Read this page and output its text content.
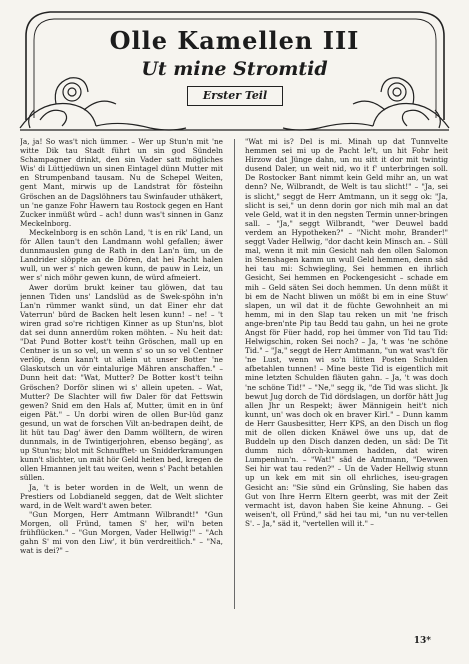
Olle Kamellen III
Ut mine Stromtid
Erster Teil

Ja, ja! So was't nich ümmer. – Wer up Stun'n mit 'ne witte Dik tau Stadt führt un sin god Sündeln Schampagner drinkt, den sin Vader satt mögliches Wis' di Lüttjedüwn un sinen Eintagel dünn Mutter mit en Strumpenband tausam. Nu de Schepel Weiten, gent Mant, mirwis up de Landstrat för fösteihn Gröschen an de Dagslöhners tau Swinfauder uthäkert, un 'ne ganze Fohr Hawern tau Rostock gegen en Hant Zucker inmüßt würd – ach! dunn was't sinnen in Ganz Meckelnborg.

Meckelnborg is en schön Land, 't is en rik' Land, un för Allen taun't den Landmann wohl gefallen; äwer dunnmauslen gung de Rath in den Lan'n üm, un de Landrider slöppte an de Dören, dat hei Pacht halen wull, un wer s' nich gewen kunn, de pauw in Leiz, un wer s' nich möhr gewen kunn, de würd afmeiert.

Awer dorüm brukt keiner tau glöwen, dat tau jennen Tiden uns' Landslüd as de Swek-spöhn in'n Lan'n rümmer wankt sünd, un dat Einer ehr dat Vaterrun' bürd de Backen helt lesen kunn! – ne! – 't wiren grad so're richtigen Kinner as up Stun'ns, blot dat sei dunn annerdüm roken möhten. – Nu heit dat: "Dat Pund Botter kost't teihn Gröschen, mall up en Centner is un so vel, un wenn s' so un so vel Centner verlöp, denn kann't ut allein ut unser Botter 'ne Glaskutsch un vör eintalurige Mähren anschaffen." – Dunn heit dat: "Wat, Mutter? De Botter kost't teihn Gröschen? Dorför slinen wi s' allein upeten. – Wat, Mutter? De Slachter will fiw Daler för dat Fettswin gewen? Snid em den Hals af, Mutter, ümit en in ünf eigen Pät." – Un dorbi wiren de ollen Bur-lüd ganz gesund, un wat de forschen Vilt an-bedrapen deiht, de lit hüt tau Dag' äwer den Damm wölltern, de wiren dunnmals, in de Twintigerjohren, ebenso begäng', as up Stun'ns; blot mit Schnufftet- un Snidderkramungen kunn't slichter, un mät hör Geld heiten bed, kregen de ollen Hmannen jelt tau weiten, wenn s' Pacht betahlen süllen.

Ja, 't is beter worden in de Welt, un wenn de Prestiers od Lobdianeld seggen, dat de Welt slichter ward, in de Welt ward't awen beter.

"Gun Morgen, Herr Amtmann Wilbrandt!" "Gun Morgen, oll Fründ, tamen S' her, wil'n beten frühflücken." – "Gun Morgen, Vader Hellwig!" – "Ach gahn S' mi von den Liw', it bün verdreitlich." – "Na, wat is dei?" –

"Wat mi is? Del is mi. Minah up dat Tunnvelte hemmen sei mi up de Pacht le't, un hit Fohr heit Hirzow dat Jünge dahn, un nu sitt it dor mit twintig dusend Daler, un weit nid, wo it f' unterbringen soll. De Rostocker Bant nimmt kein Geld mihr an, un wat denn? Ne, Wilbrandt, de Welt is tau slicht!" – "Ja, sei is slicht," seggt de Herr Amtmann, un it segg ok: "Ja, slicht is sei," un denn dorin gor nich mih mal an dat vele Geld, wat it in den negsten Termin unner-bringen sall. – "Ja," seggt Wilbrandt, "wer Deuwel badd verdem an Hypotheken?" – "Nicht mohr, Brander!" seggt Vader Hellwig, "dor dacht kein Minsch an. – Süll mal, wenn it mit min Gesicht nah den ollen Salomon in Stenshagen kamm un wull Geld hemmen, denn säd hei tau mi: Schwiegling, Sei hemmen en ihrlich Gesicht, Sei hemmen en Pockengesicht – schade em mih – Geld säten Sei doch hemmen. Un denn müßt it bi em de Nacht bliwen un mößt bi em in eine Stuw' slapen, un wil dat it de füchte Gewohnheit an mi hemm, mi in den Slap tau reken un mit 'ne frisch ange-bren'nte Pip tau Bedd tau gahn, un hei ne grote Angst för Füer hadd, rop hei ümmer von Tid tau Tid: Helwigschin, roken Sei noch? – Ja, 't was 'ne schöne Tid." – "Ja," seggt de Herr Amtmann, "un wat was't för 'ne Lust, wenn wi so'n lütten Posten Schulden afbetahlen tunnen! – Mine beste Tid is eigentlich mit mine letzten Schulden fläuten gahn. – Ja, 't was doch 'ne schöne Tid!" – "Ne," segg ik, "de Tid was slicht. Jk bewut Jug dorch de Tid dördslagen, un dorför hätt Jug allen Jhr un Respekt; äwer Männigein heit't nich kunnt, un' was doch ok en braver Kirl." – Dunn kamm de Herr Gausbesitter, Herr KPS, an den Disch un flog mit de ollen dicken Knäwel öwe uns up, dat de Buddeln up den Disch danzen deden, un säd: De Tit dumm nich dörch-kummen hadden, dat wiren Lumpenhun'n. – "Wat!" säd de Amtmann, "Dewwen Sei hir wat tau reden?" – Un de Vader Hellwig stunn up un kek em mit sin oll ehrliches, iseu-gragen Gesicht an: "Sie sünd ein Grünsling, Sie haben das Gut von Ihre Herrn Eltern geerbt, was mit der Zeit vermacht ist, davon haben Sie keine Ahnung. – Gei weisen't, oll Fründ," säd hei tau mi, "un nu ver-tellen S'. – Ja," säd it, "vertellen will it." –

13*
